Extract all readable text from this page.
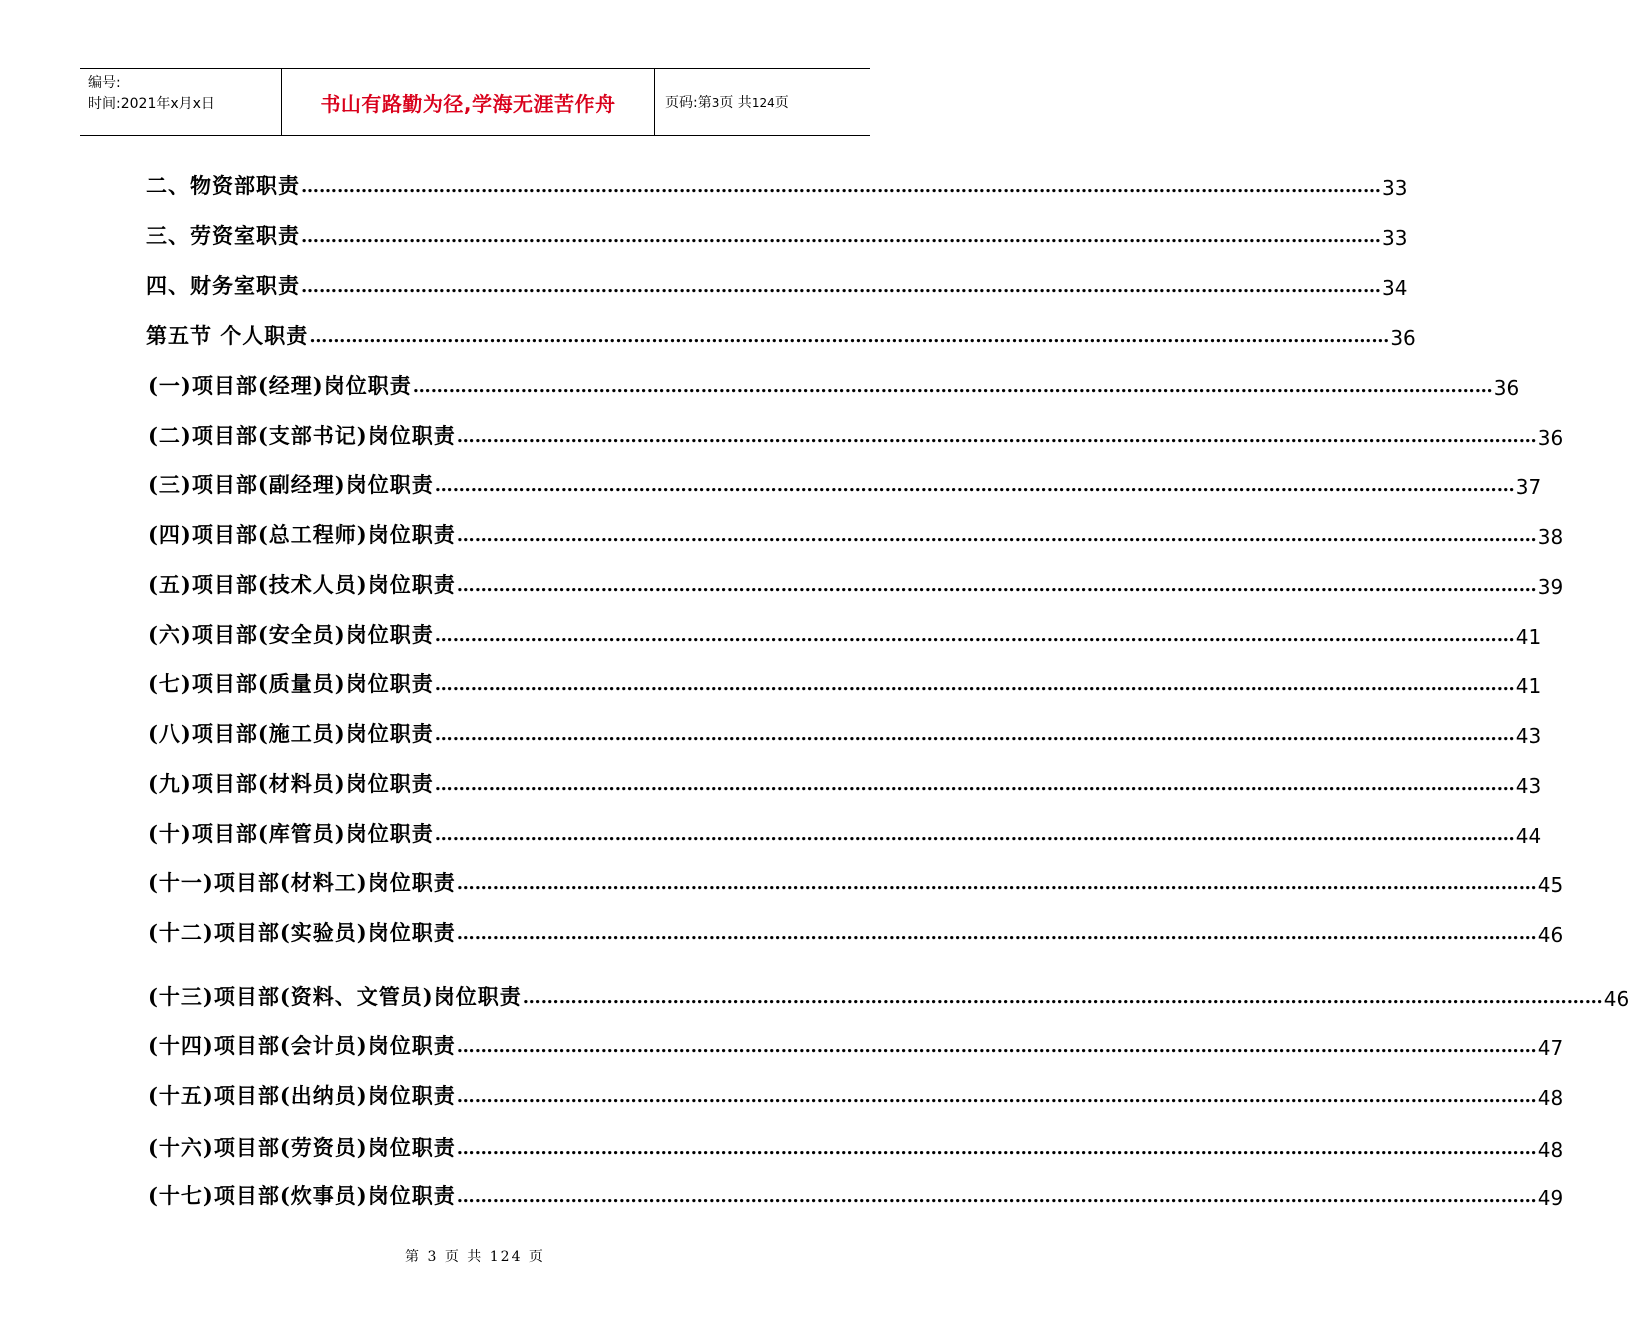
编号:
时间:2021年x月x日	书山有路勤为径,学海无涯苦作舟	页码:第3页 共124页
二、物资部职责 ……………………………………………………………………………………………………………………………………………………………… 33
三、劳资室职责 ……………………………………………………………………………………………………………………………………………………………… 33
四、财务室职责 ……………………………………………………………………………………………………………………………………………………………… 34
第五节 个人职责 ……………………………………………………………………………………………………………………………………………………………… 36
(一)项目部(经理)岗位职责 ……………………………………………………………………………………………………………………………………………………………… 36
(二)项目部(支部书记)岗位职责 ……………………………………………………………………………………………………………………………………………………………… 36
(三)项目部(副经理)岗位职责 ……………………………………………………………………………………………………………………………………………………………… 37
(四)项目部(总工程师)岗位职责 ……………………………………………………………………………………………………………………………………………………………… 38
(五)项目部(技术人员)岗位职责 ……………………………………………………………………………………………………………………………………………………………… 39
(六)项目部(安全员)岗位职责 ……………………………………………………………………………………………………………………………………………………………… 41
(七)项目部(质量员)岗位职责 ……………………………………………………………………………………………………………………………………………………………… 41
(八)项目部(施工员)岗位职责 ……………………………………………………………………………………………………………………………………………………………… 43
(九)项目部(材料员)岗位职责 ……………………………………………………………………………………………………………………………………………………………… 43
(十)项目部(库管员)岗位职责 ……………………………………………………………………………………………………………………………………………………………… 44
(十一)项目部(材料工)岗位职责 ……………………………………………………………………………………………………………………………………………………………… 45
(十二)项目部(实验员)岗位职责 ……………………………………………………………………………………………………………………………………………………………… 46
(十三)项目部(资料、文管员)岗位职责 ……………………………………………………………………………………………………………………………………………………………… 46
(十四)项目部(会计员)岗位职责 ……………………………………………………………………………………………………………………………………………………………… 47
(十五)项目部(出纳员)岗位职责 ……………………………………………………………………………………………………………………………………………………………… 48
(十六)项目部(劳资员)岗位职责 ……………………………………………………………………………………………………………………………………………………………… 48
(十七)项目部(炊事员)岗位职责 ……………………………………………………………………………………………………………………………………………………………… 49
第 3 页 共 124 页
